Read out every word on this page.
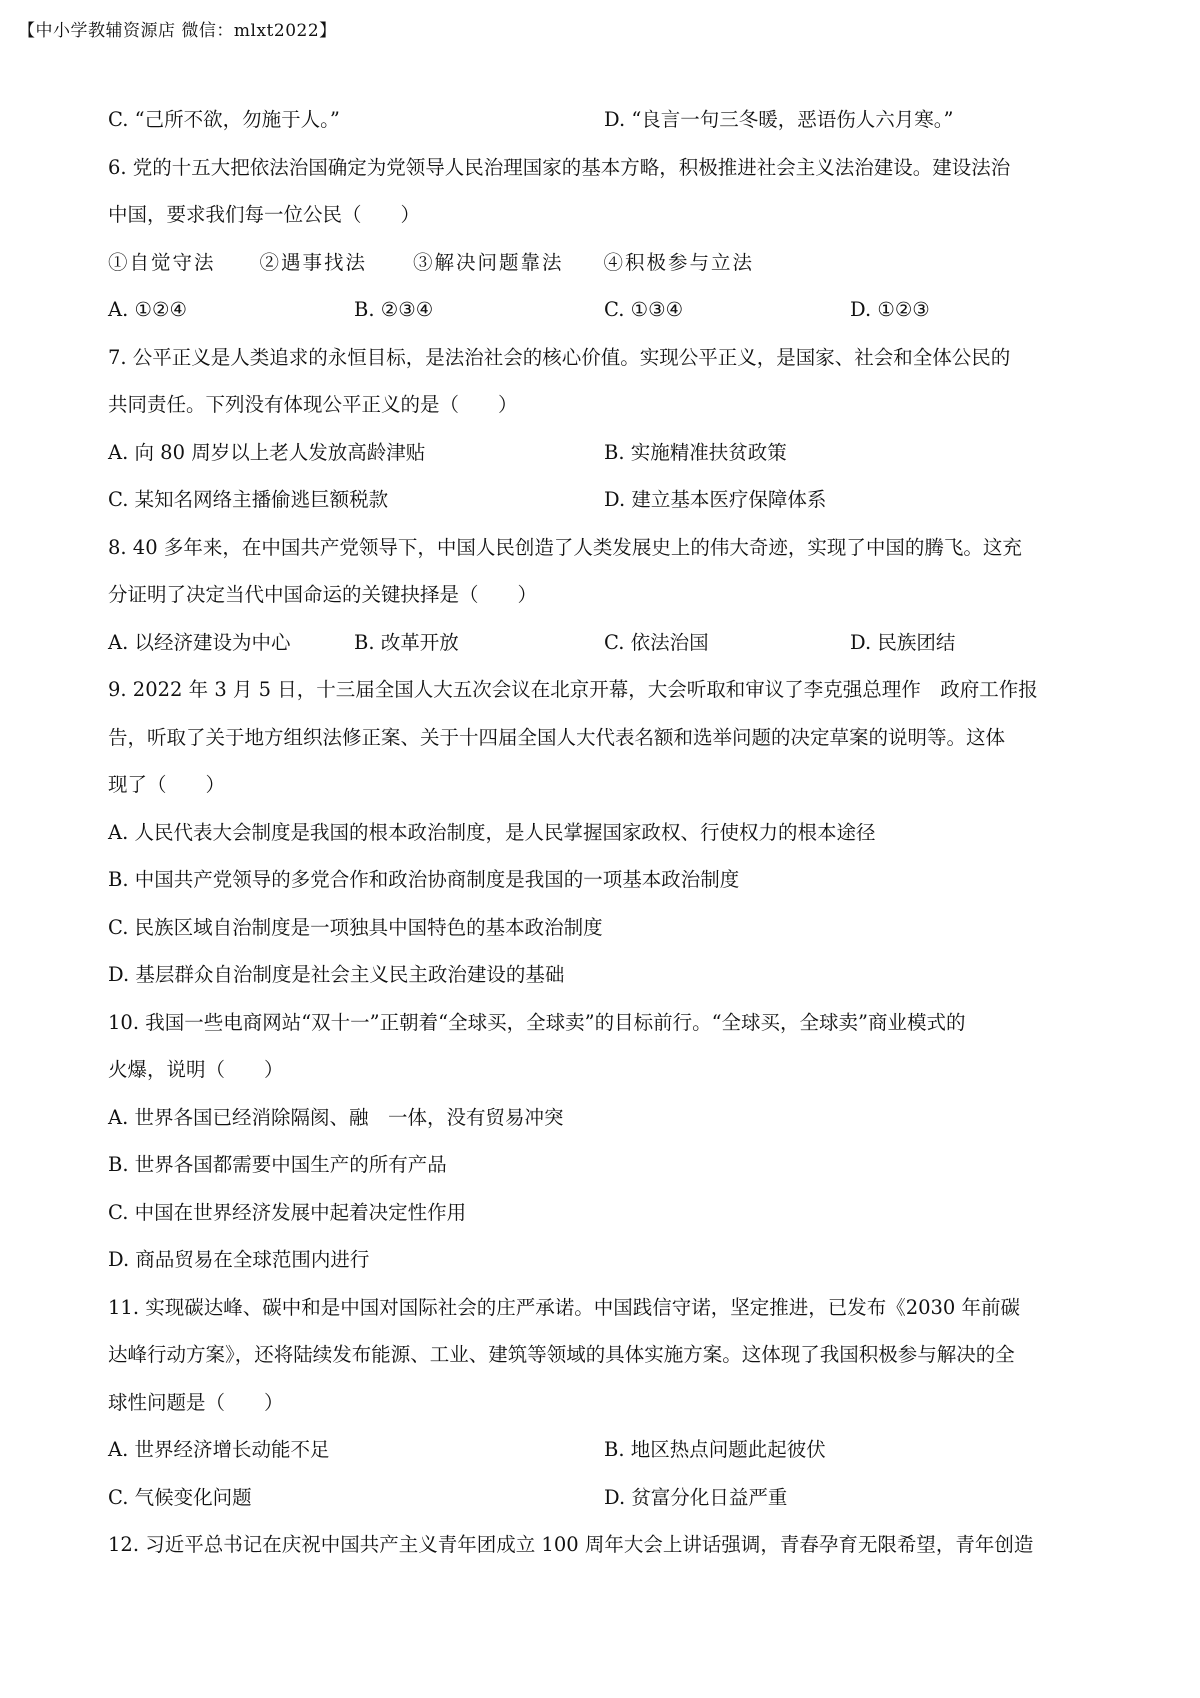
【中小学教辅资源店 微信：mlxt2022】
C. “己所不欲，勿施于人。”	D. “良言一句三冬暖，恶语伤人六月寒。”
6. 党的十五大把依法治国确定为党领导人民治理国家的基本方略，积极推进社会主义法治建设。建设法治
中国，要求我们每一位公民（　　）
①自觉守法 ②遇事找法 ③解决问题靠法 ④积极参与立法
A. ①②④	B. ②③④	C. ①③④	D. ①②③
7. 公平正义是人类追求的永恒目标，是法治社会的核心价值。实现公平正义，是国家、社会和全体公民的
共同责任。下列没有体现公平正义的是（　　）
A. 向 80 周岁以上老人发放高龄津贴	B. 实施精准扶贫政策
C. 某知名网络主播偷逃巨额税款	D. 建立基本医疗保障体系
8. 40 多年来，在中国共产党领导下，中国人民创造了人类发展史上的伟大奇迹，实现了中国的腾飞。这充
分证明了决定当代中国命运的关键抉择是（　　）
A. 以经济建设为中心	B. 改革开放	C. 依法治国	D. 民族团结
9. 2022 年 3 月 5 日，十三届全国人大五次会议在北京开幕，大会听取和审议了李克强总理作　政府工作报
告，听取了关于地方组织法修正案、关于十四届全国人大代表名额和选举问题的决定草案的说明等。这体
现了（　　）
A. 人民代表大会制度是我国的根本政治制度，是人民掌握国家政权、行使权力的根本途径
B. 中国共产党领导的多党合作和政治协商制度是我国的一项基本政治制度
C. 民族区域自治制度是一项独具中国特色的基本政治制度
D. 基层群众自治制度是社会主义民主政治建设的基础
10. 我国一些电商网站“双十一”正朝着“全球买，全球卖”的目标前行。“全球买，全球卖”商业模式的
火爆，说明（　　）
A. 世界各国已经消除隔阂、融　一体，没有贸易冲突
B. 世界各国都需要中国生产的所有产品
C. 中国在世界经济发展中起着决定性作用
D. 商品贸易在全球范围内进行
11. 实现碳达峰、碳中和是中国对国际社会的庄严承诺。中国践信守诺，坚定推进，已发布《2030 年前碳
达峰行动方案》，还将陆续发布能源、工业、建筑等领域的具体实施方案。这体现了我国积极参与解决的全
球性问题是（　　）
A. 世界经济增长动能不足	B. 地区热点问题此起彼伏
C. 气候变化问题	D. 贫富分化日益严重
12. 习近平总书记在庆祝中国共产主义青年团成立 100 周年大会上讲话强调，青春孕育无限希望，青年创造
